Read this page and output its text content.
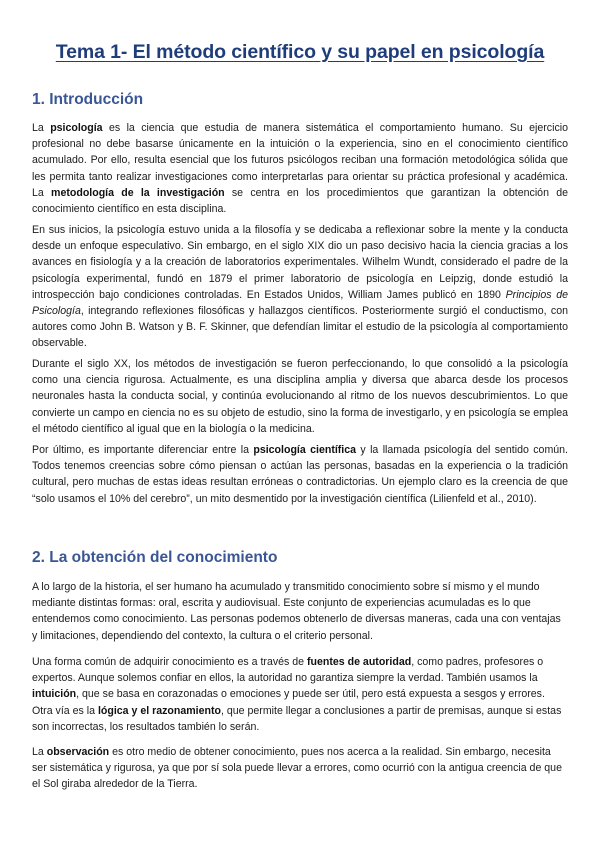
Tema 1- El método científico y su papel en psicología
1. Introducción

La psicología es la ciencia que estudia de manera sistemática el comportamiento humano. Su ejercicio profesional no debe basarse únicamente en la intuición o la experiencia, sino en el conocimiento científico acumulado. Por ello, resulta esencial que los futuros psicólogos reciban una formación metodológica sólida que les permita tanto realizar investigaciones como interpretarlas para orientar su práctica profesional y académica. La metodología de la investigación se centra en los procedimientos que garantizan la obtención de conocimiento científico en esta disciplina.

En sus inicios, la psicología estuvo unida a la filosofía y se dedicaba a reflexionar sobre la mente y la conducta desde un enfoque especulativo. Sin embargo, en el siglo XIX dio un paso decisivo hacia la ciencia gracias a los avances en fisiología y a la creación de laboratorios experimentales. Wilhelm Wundt, considerado el padre de la psicología experimental, fundó en 1879 el primer laboratorio de psicología en Leipzig, donde estudió la introspección bajo condiciones controladas. En Estados Unidos, William James publicó en 1890 Principios de Psicología, integrando reflexiones filosóficas y hallazgos científicos. Posteriormente surgió el conductismo, con autores como John B. Watson y B. F. Skinner, que defendían limitar el estudio de la psicología al comportamiento observable.

Durante el siglo XX, los métodos de investigación se fueron perfeccionando, lo que consolidó a la psicología como una ciencia rigurosa. Actualmente, es una disciplina amplia y diversa que abarca desde los procesos neuronales hasta la conducta social, y continúa evolucionando al ritmo de los nuevos descubrimientos. Lo que convierte un campo en ciencia no es su objeto de estudio, sino la forma de investigarlo, y en psicología se emplea el método científico al igual que en la biología o la medicina.

Por último, es importante diferenciar entre la psicología científica y la llamada psicología del sentido común. Todos tenemos creencias sobre cómo piensan o actúan las personas, basadas en la experiencia o la tradición cultural, pero muchas de estas ideas resultan erróneas o contradictorias. Un ejemplo claro es la creencia de que “solo usamos el 10% del cerebro”, un mito desmentido por la investigación científica (Lilienfeld et al., 2010).

2. La obtención del conocimiento

A lo largo de la historia, el ser humano ha acumulado y transmitido conocimiento sobre sí mismo y el mundo mediante distintas formas: oral, escrita y audiovisual. Este conjunto de experiencias acumuladas es lo que entendemos como conocimiento. Las personas podemos obtenerlo de diversas maneras, cada una con ventajas y limitaciones, dependiendo del contexto, la cultura o el criterio personal.

Una forma común de adquirir conocimiento es a través de fuentes de autoridad, como padres, profesores o expertos. Aunque solemos confiar en ellos, la autoridad no garantiza siempre la verdad. También usamos la intuición, que se basa en corazonadas o emociones y puede ser útil, pero está expuesta a sesgos y errores. Otra vía es la lógica y el razonamiento, que permite llegar a conclusiones a partir de premisas, aunque si estas son incorrectas, los resultados también lo serán.

La observación es otro medio de obtener conocimiento, pues nos acerca a la realidad. Sin embargo, necesita ser sistemática y rigurosa, ya que por sí sola puede llevar a errores, como ocurrió con la antigua creencia de que el Sol giraba alrededor de la Tierra.
